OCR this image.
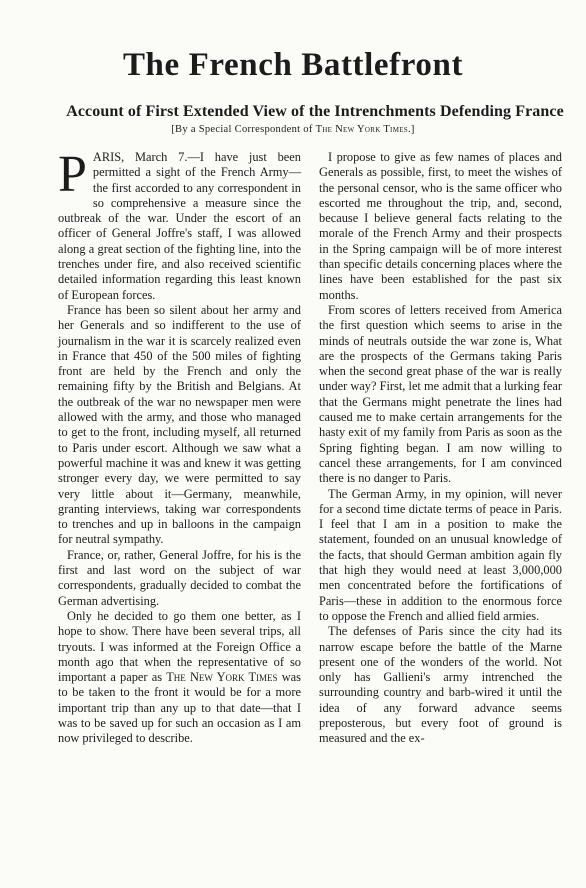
The French Battlefront
Account of First Extended View of the Intrenchments Defending France

[By a Special Correspondent of The New York Times.]

PARIS, March 7.—I have just been permitted a sight of the French Army—the first accorded to any correspondent in so comprehensive a measure since the outbreak of the war. Under the escort of an officer of General Joffre's staff, I was allowed along a great section of the fighting line, into the trenches under fire, and also received scientific detailed information regarding this least known of European forces.

France has been so silent about her army and her Generals and so indifferent to the use of journalism in the war it is scarcely realized even in France that 450 of the 500 miles of fighting front are held by the French and only the remaining fifty by the British and Belgians. At the outbreak of the war no newspaper men were allowed with the army, and those who managed to get to the front, including myself, all returned to Paris under escort. Although we saw what a powerful machine it was and knew it was getting stronger every day, we were permitted to say very little about it—Germany, meanwhile, granting interviews, taking war correspondents to trenches and up in balloons in the campaign for neutral sympathy.

France, or, rather, General Joffre, for his is the first and last word on the subject of war correspondents, gradually decided to combat the German advertising.

Only he decided to go them one better, as I hope to show. There have been several trips, all tryouts. I was informed at the Foreign Office a month ago that when the representative of so important a paper as The New York Times was to be taken to the front it would be for a more important trip than any up to that date—that I was to be saved up for such an occasion as I am now privileged to describe.

I propose to give as few names of places and Generals as possible, first, to meet the wishes of the personal censor, who is the same officer who escorted me throughout the trip, and, second, because I believe general facts relating to the morale of the French Army and their prospects in the Spring campaign will be of more interest than specific details concerning places where the lines have been established for the past six months.

From scores of letters received from America the first question which seems to arise in the minds of neutrals outside the war zone is, What are the prospects of the Germans taking Paris when the second great phase of the war is really under way? First, let me admit that a lurking fear that the Germans might penetrate the lines had caused me to make certain arrangements for the hasty exit of my family from Paris as soon as the Spring fighting began. I am now willing to cancel these arrangements, for I am convinced there is no danger to Paris.

The German Army, in my opinion, will never for a second time dictate terms of peace in Paris. I feel that I am in a position to make the statement, founded on an unusual knowledge of the facts, that should German ambition again fly that high they would need at least 3,000,000 men concentrated before the fortifications of Paris—these in addition to the enormous force to oppose the French and allied field armies.

The defenses of Paris since the city had its narrow escape before the battle of the Marne present one of the wonders of the world. Not only has Gallieni's army intrenched the surrounding country and barb-wired it until the idea of any forward advance seems preposterous, but every foot of ground is measured and the ex-
